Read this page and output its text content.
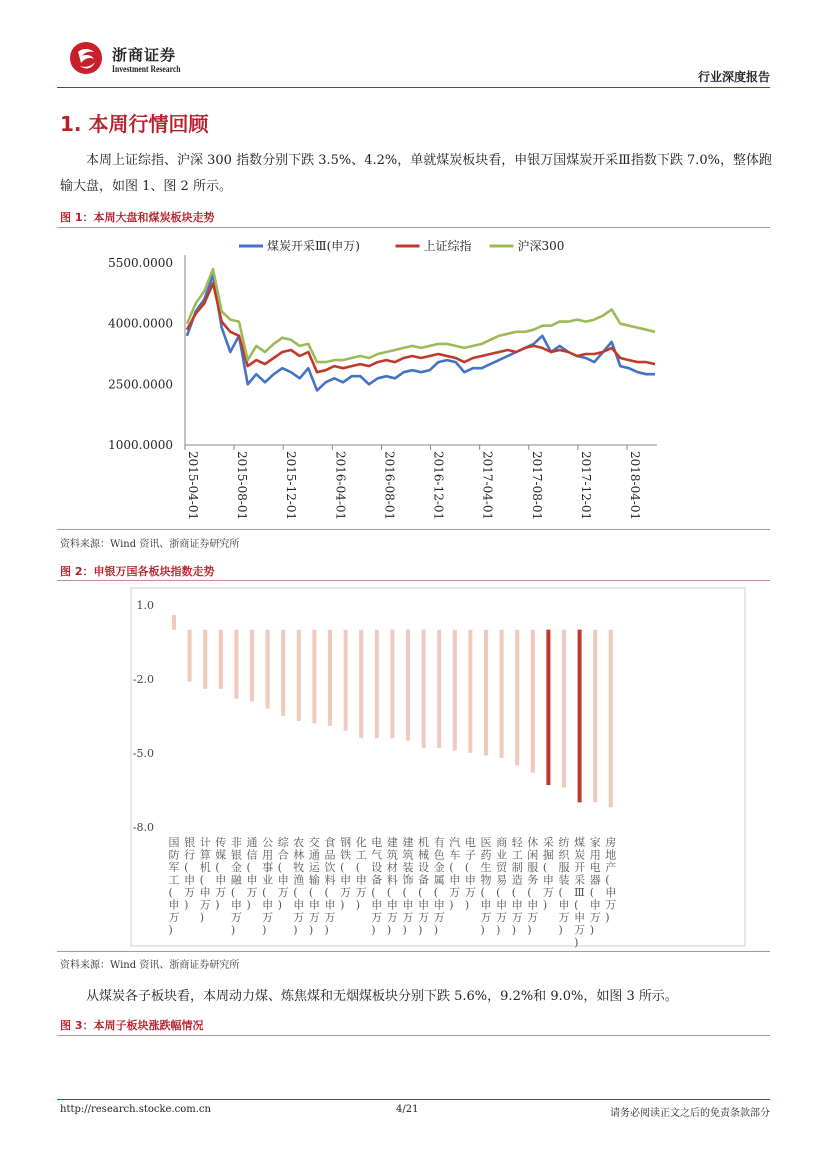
浙商证券
Investment Research
行业深度报告
1. 本周行情回顾
本周上证综指、沪深 300 指数分别下跌 3.5%、4.2%，单就煤炭板块看，申银万国煤炭开采Ⅲ指数下跌 7.0%，整体跑输大盘，如图 1、图 2 所示。
图 1：本周大盘和煤炭板块走势
煤炭开采Ⅲ(申万)	上证综指	沪深300
5500.0000
4000.0000
2500.0000
1000.0000
2015-04-01	2015-08-01	2015-12-01	2016-04-01	2016-08-01	2016-12-01	2017-04-01	2017-08-01	2017-12-01	2018-04-01
资料来源：Wind 资讯、浙商证券研究所
图 2：申银万国各板块指数走势
1.0
-2.0
-5.0
-8.0
国防军工(申万)
银行(申万)
计算机(申万)
传媒(申万)
非银金融(申万)
通信(申万)
公用事业(申万)
综合(申万)
农林牧渔(申万)
交通运输(申万)
食品饮料(申万)
钢铁(申万)
化工(申万)
电气设备(申万)
建筑材料(申万)
建筑装饰(申万)
机械设备(申万)
有色金属(申万)
汽车(申万)
电子(申万)
医药生物(申万)
商业贸易(申万)
轻工制造(申万)
休闲服务(申万)
采掘(申万)
纺织服装(申万)
煤炭开采 Ⅲ (申万)
家用电器(申万)
房地产(申万)
资料来源：Wind 资讯、浙商证券研究所
从煤炭各子板块看，本周动力煤、炼焦煤和无烟煤板块分别下跌 5.6%，9.2%和 9.0%，如图 3 所示。
图 3：本周子板块涨跌幅情况
http://research.stocke.com.cn	4/21	请务必阅读正文之后的免责条款部分
